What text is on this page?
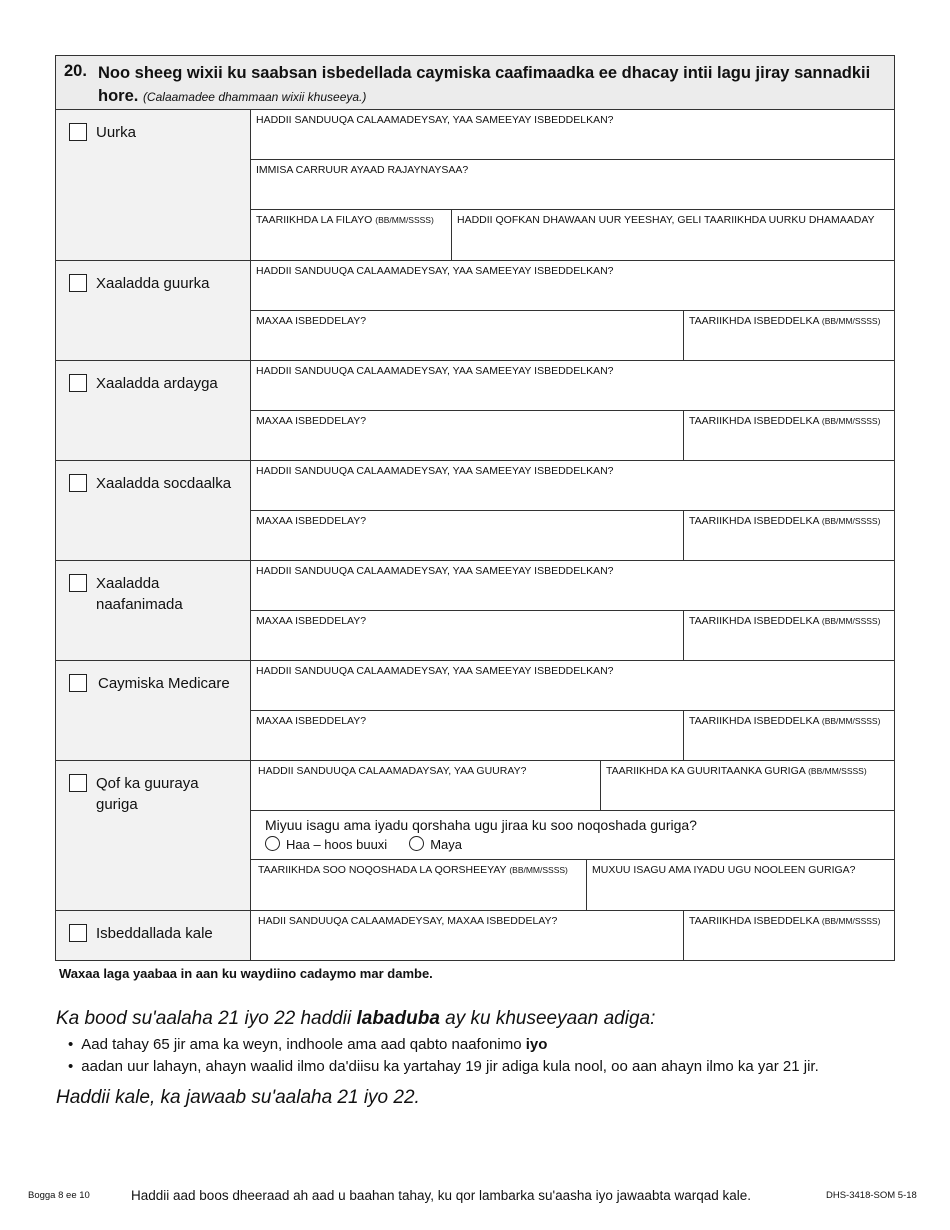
20. Noo sheeg wixii ku saabsan isbedellada caymiska caafimaadka ee dhacay intii lagu jiray sannadkii hore. (Calaamadee dhammaan wixii khuseeya.)
Uurka
HADDII SANDUUQA CALAAMADEYSAY, YAA SAMEEYAY ISBEDDELKAN?
IMMISA CARRUUR AYAAD RAJAYNAYSAA?
TAARIIKHDA LA FILAYO (BB/MM/SSSS)	HADDII QOFKAN DHAWAAN UUR YEESHAY, GELI TAARIIKHDA UURKU DHAMAADAY
Xaaladda guurka
HADDII SANDUUQA CALAAMADEYSAY, YAA SAMEEYAY ISBEDDELKAN?
MAXAA ISBEDDELAY?	TAARIIKHDA ISBEDDELKA (BB/MM/SSSS)
Xaaladda ardayga
HADDII SANDUUQA CALAAMADEYSAY, YAA SAMEEYAY ISBEDDELKAN?
MAXAA ISBEDDELAY?	TAARIIKHDA ISBEDDELKA (BB/MM/SSSS)
Xaaladda socdaalka
HADDII SANDUUQA CALAAMADEYSAY, YAA SAMEEYAY ISBEDDELKAN?
MAXAA ISBEDDELAY?	TAARIIKHDA ISBEDDELKA (BB/MM/SSSS)
Xaaladda
naafanimada
HADDII SANDUUQA CALAAMADEYSAY, YAA SAMEEYAY ISBEDDELKAN?
MAXAA ISBEDDELAY?	TAARIIKHDA ISBEDDELKA (BB/MM/SSSS)
Caymiska Medicare
HADDII SANDUUQA CALAAMADEYSAY, YAA SAMEEYAY ISBEDDELKAN?
MAXAA ISBEDDELAY?	TAARIIKHDA ISBEDDELKA (BB/MM/SSSS)
Qof ka guuraya
guriga
HADDII SANDUUQA CALAAMADAYSAY, YAA GUURAY?	TAARIIKHDA KA GUURITAANKA GURIGA (BB/MM/SSSS)
Miyuu isagu ama iyadu qorshaha ugu jiraa ku soo noqoshada guriga?
Haa – hoos buuxi	Maya
TAARIIKHDA SOO NOQOSHADA LA QORSHEEYAY (BB/MM/SSSS)	MUXUU ISAGU AMA IYADU UGU NOOLEEN GURIGA?
Isbeddallada kale
HADII SANDUUQA CALAAMADEYSAY, MAXAA ISBEDDELAY?	TAARIIKHDA ISBEDDELKA (BB/MM/SSSS)
Waxaa laga yaabaa in aan ku waydiino cadaymo mar dambe.
Ka bood su'aalaha 21 iyo 22 haddii labaduba ay ku khuseeyaan adiga:
• Aad tahay 65 jir ama ka weyn, indhoole ama aad qabto naafonimo iyo
• aadan uur lahayn, ahayn waalid ilmo da'diisu ka yartahay 19 jir adiga kula nool, oo aan ahayn ilmo ka yar 21 jir.
Haddii kale, ka jawaab su'aalaha 21 iyo 22.
Bogga 8 ee 10	Haddii aad boos dheeraad ah aad u baahan tahay, ku qor lambarka su'aasha iyo jawaabta warqad kale.	DHS-3418-SOM 5-18
